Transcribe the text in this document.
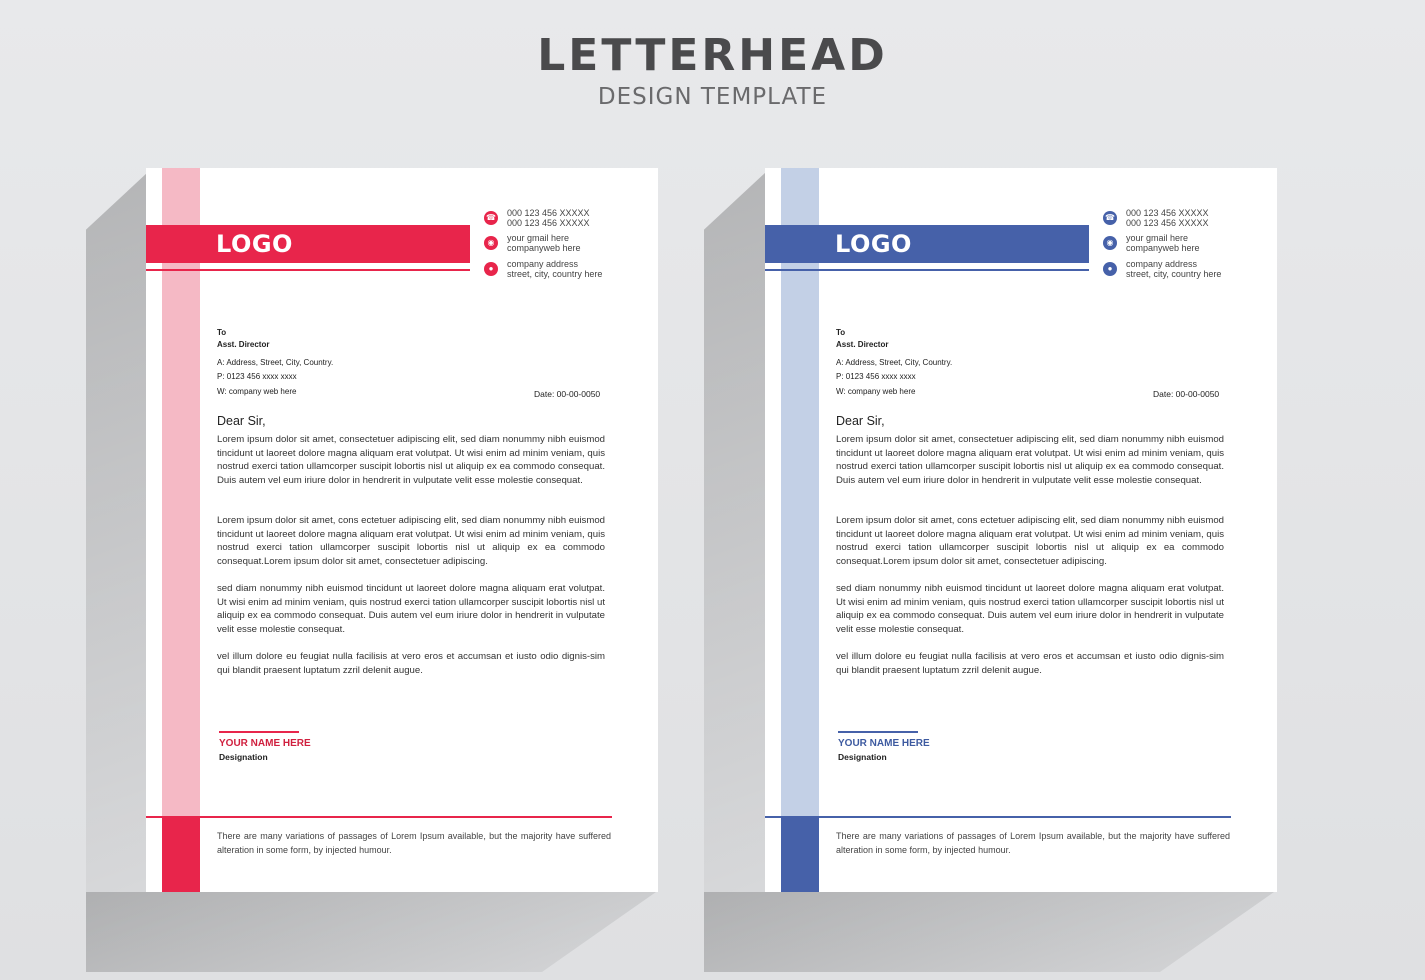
LETTERHEAD
DESIGN TEMPLATE
LOGO
☎ 000 123 456 XXXXX
000 123 456 XXXXX
◉	your gmail here
companyweb here
●	company address
street, city, country here
To
Asst. Director
A: Address, Street, City, Country.
P: 0123 456 xxxx xxxx
W: company web here	Date: 00-00-0050
Dear Sir,
Lorem ipsum dolor sit amet, consectetuer adipiscing elit, sed diam nonummy nibh euismod tincidunt ut laoreet dolore magna aliquam erat volutpat. Ut wisi enim ad minim veniam, quis nostrud exerci tation ullamcorper suscipit lobortis nisl ut aliquip ex ea commodo consequat. Duis autem vel eum iriure dolor in hendrerit in vulputate velit esse molestie consequat.
Lorem ipsum dolor sit amet, cons ectetuer adipiscing elit, sed diam nonummy nibh euismod tincidunt ut laoreet dolore magna aliquam erat volutpat. Ut wisi enim ad minim veniam, quis nostrud exerci tation ullamcorper suscipit lobortis nisl ut aliquip ex ea commodo consequat.Lorem ipsum dolor sit amet, consectetuer adipiscing.
sed diam nonummy nibh euismod tincidunt ut laoreet dolore magna aliquam erat volutpat. Ut wisi enim ad minim veniam, quis nostrud exerci tation ullamcorper suscipit lobortis nisl ut aliquip ex ea commodo consequat. Duis autem vel eum iriure dolor in hendrerit in vulputate velit esse molestie consequat.
vel illum dolore eu feugiat nulla facilisis at vero eros et accumsan et iusto odio dignis-sim qui blandit praesent luptatum zzril delenit augue.
YOUR NAME HERE
Designation
There are many variations of passages of Lorem Ipsum available, but the majority have suffered alteration in some form, by injected humour.
LOGO
☎ 000 123 456 XXXXX
000 123 456 XXXXX
◉	your gmail here
companyweb here
●	company address
street, city, country here
To
Asst. Director
A: Address, Street, City, Country.
P: 0123 456 xxxx xxxx
W: company web here	Date: 00-00-0050
Dear Sir,
Lorem ipsum dolor sit amet, consectetuer adipiscing elit, sed diam nonummy nibh euismod tincidunt ut laoreet dolore magna aliquam erat volutpat. Ut wisi enim ad minim veniam, quis nostrud exerci tation ullamcorper suscipit lobortis nisl ut aliquip ex ea commodo consequat. Duis autem vel eum iriure dolor in hendrerit in vulputate velit esse molestie consequat.
Lorem ipsum dolor sit amet, cons ectetuer adipiscing elit, sed diam nonummy nibh euismod tincidunt ut laoreet dolore magna aliquam erat volutpat. Ut wisi enim ad minim veniam, quis nostrud exerci tation ullamcorper suscipit lobortis nisl ut aliquip ex ea commodo consequat.Lorem ipsum dolor sit amet, consectetuer adipiscing.
sed diam nonummy nibh euismod tincidunt ut laoreet dolore magna aliquam erat volutpat. Ut wisi enim ad minim veniam, quis nostrud exerci tation ullamcorper suscipit lobortis nisl ut aliquip ex ea commodo consequat. Duis autem vel eum iriure dolor in hendrerit in vulputate velit esse molestie consequat.
vel illum dolore eu feugiat nulla facilisis at vero eros et accumsan et iusto odio dignis-sim qui blandit praesent luptatum zzril delenit augue.
YOUR NAME HERE
Designation
There are many variations of passages of Lorem Ipsum available, but the majority have suffered alteration in some form, by injected humour.
